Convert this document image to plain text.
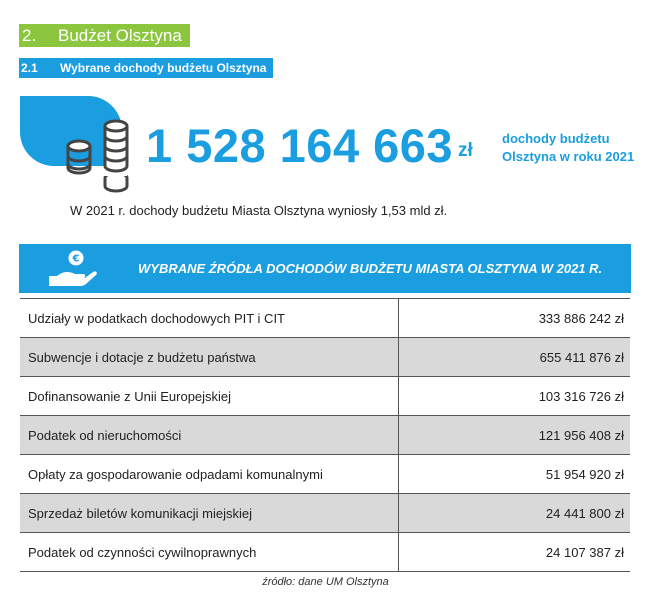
2.	Budżet Olsztyna
2.1	Wybrane dochody budżetu Olsztyna
1 528 164 663 zł
dochody budżetu Olsztyna w roku 2021
W 2021 r. dochody budżetu Miasta Olsztyna wyniosły 1,53 mld zł.
€
WYBRANE ŹRÓDŁA DOCHODÓW BUDŻETU MIASTA OLSZTYNA W 2021 R.
Udziały w podatkach dochodowych PIT i CIT	333 886 242 zł
Subwencje i dotacje z budżetu państwa	655 411 876 zł
Dofinansowanie z Unii Europejskiej	103 316 726 zł
Podatek od nieruchomości	121 956 408 zł
Opłaty za gospodarowanie odpadami komunalnymi	51 954 920 zł
Sprzedaż biletów komunikacji miejskiej	24 441 800 zł
Podatek od czynności cywilnoprawnych	24 107 387 zł
źródło: dane UM Olsztyna
